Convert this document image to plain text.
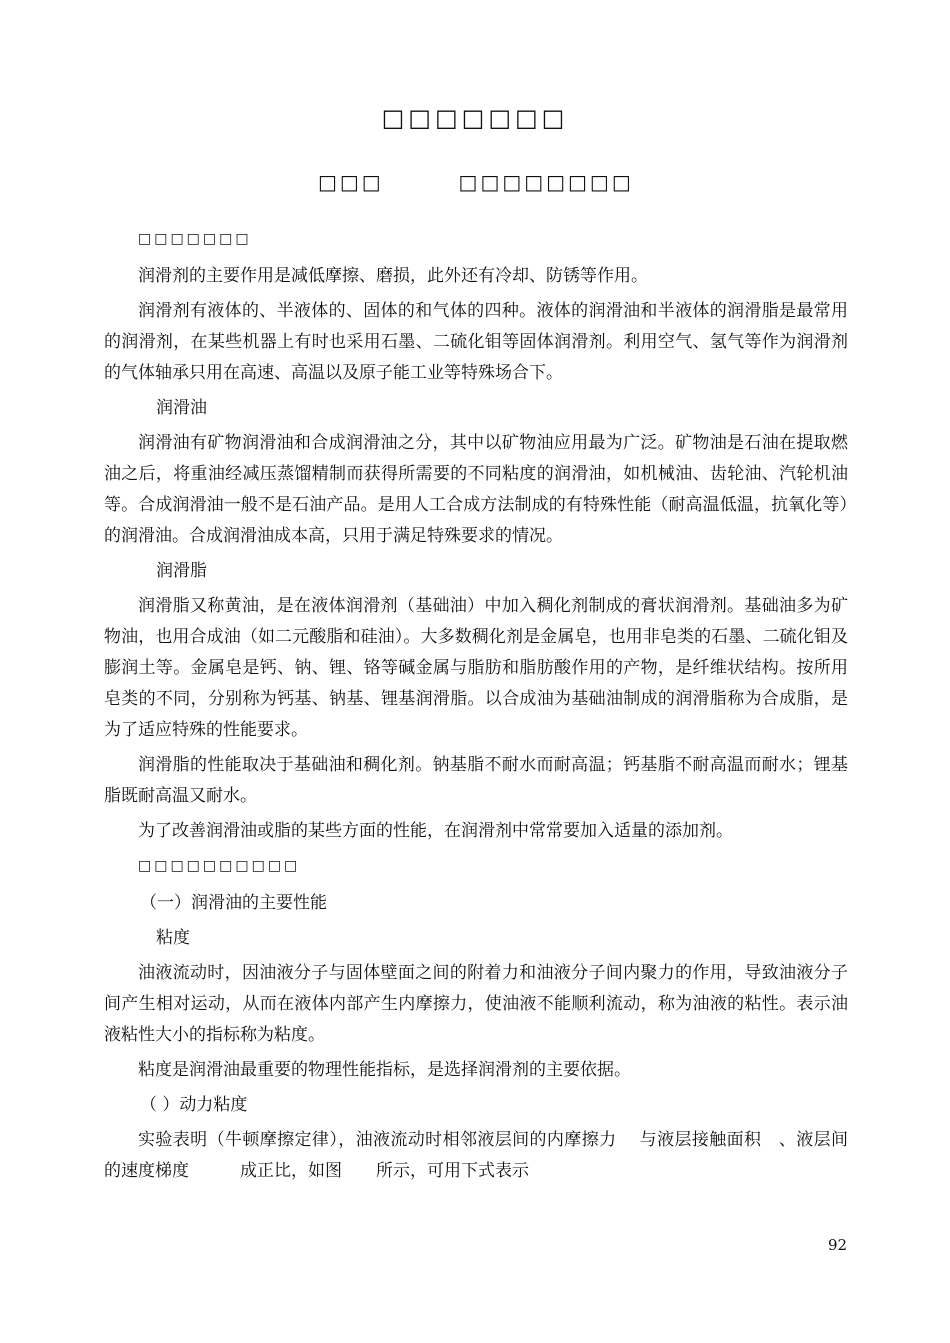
□□□□□□□
□□□        □□□□□□□□
□□□□□□□

润滑剂的主要作用是减低摩擦、磨损，此外还有冷却、防锈等作用。

润滑剂有液体的、半液体的、固体的和气体的四种。液体的润滑油和半液体的润滑脂是最常用的润滑剂，在某些机器上有时也采用石墨、二硫化钼等固体润滑剂。利用空气、氢气等作为润滑剂的气体轴承只用在高速、高温以及原子能工业等特殊场合下。

润滑油

润滑油有矿物润滑油和合成润滑油之分，其中以矿物油应用最为广泛。矿物油是石油在提取燃油之后，将重油经减压蒸馏精制而获得所需要的不同粘度的润滑油，如机械油、齿轮油、汽轮机油等。合成润滑油一般不是石油产品。是用人工合成方法制成的有特殊性能（耐高温低温，抗氧化等）的润滑油。合成润滑油成本高，只用于满足特殊要求的情况。

润滑脂

润滑脂又称黄油，是在液体润滑剂（基础油）中加入稠化剂制成的膏状润滑剂。基础油多为矿物油，也用合成油（如二元酸脂和硅油）。大多数稠化剂是金属皂，也用非皂类的石墨、二硫化钼及膨润土等。金属皂是钙、钠、锂、铬等碱金属与脂肪和脂肪酸作用的产物，是纤维状结构。按所用皂类的不同，分别称为钙基、钠基、锂基润滑脂。以合成油为基础油制成的润滑脂称为合成脂，是为了适应特殊的性能要求。

润滑脂的性能取决于基础油和稠化剂。钠基脂不耐水而耐高温；钙基脂不耐高温而耐水；锂基脂既耐高温又耐水。

为了改善润滑油或脂的某些方面的性能，在润滑剂中常常要加入适量的添加剂。

□□□□□□□□□□
（一）润滑油的主要性能
粘度

油液流动时，因油液分子与固体壁面之间的附着力和油液分子间内聚力的作用，导致油液分子间产生相对运动，从而在液体内部产生内摩擦力，使油液不能顺利流动，称为油液的粘性。表示油液粘性大小的指标称为粘度。

粘度是润滑油最重要的物理性能指标，是选择润滑剂的主要依据。

（ ）动力粘度

实验表明（牛顿摩擦定律），油液流动时相邻液层间的内摩擦力　 与液层接触面积　、液层间的速度梯度　　　成正比，如图　　所示，可用下式表示

92
